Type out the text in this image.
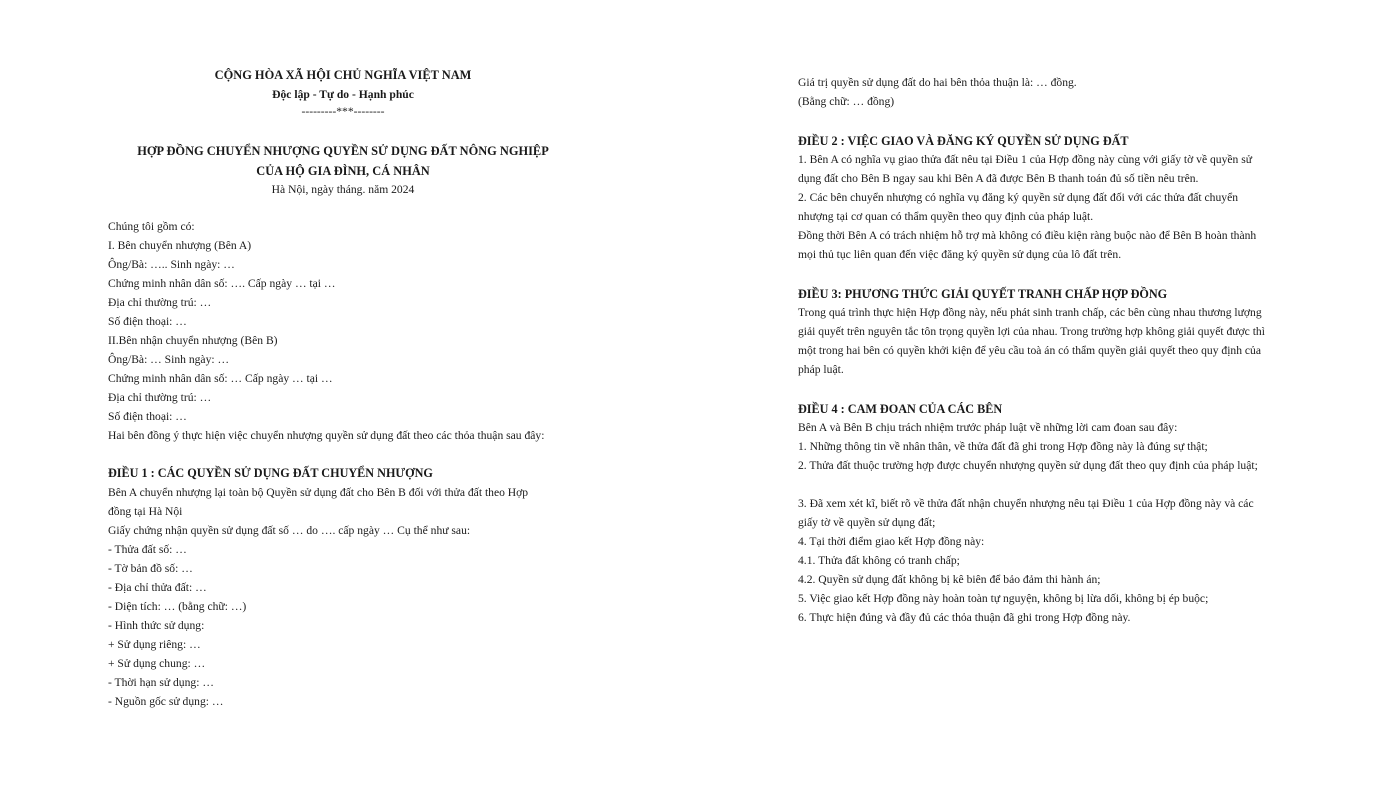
CỘNG HÒA XÃ HỘI CHỦ NGHĨA VIỆT NAM

Độc lập - Tự do - Hạnh phúc

---------***--------

HỢP ĐỒNG CHUYỂN NHƯỢNG QUYỀN SỬ DỤNG ĐẤT NÔNG NGHIỆP

CỦA HỘ GIA ĐÌNH, CÁ NHÂN

Hà Nội, ngày tháng. năm 2024

Chúng tôi gồm có:

I. Bên chuyển nhượng (Bên A)

Ông/Bà: ….. Sinh ngày: …

Chứng minh nhân dân số: …. Cấp ngày … tại …

Địa chỉ thường trú: …

Số điện thoại: …

II.Bên nhận chuyển nhượng (Bên B)

Ông/Bà: … Sinh ngày: …

Chứng minh nhân dân số: … Cấp ngày … tại …

Địa chỉ thường trú: …

Số điện thoại: …

Hai bên đồng ý thực hiện việc chuyển nhượng quyền sử dụng đất theo các thỏa thuận sau đây:

ĐIỀU 1 : CÁC QUYỀN SỬ DỤNG ĐẤT CHUYỂN NHƯỢNG

Bên A chuyển nhượng lại toàn bộ Quyền sử dụng đất cho Bên B đối với thửa đất theo Hợp

đồng tại Hà Nội

Giấy chứng nhận quyền sử dụng đất số … do …. cấp ngày … Cụ thể như sau:

- Thửa đất số: …

- Tờ bản đồ số: …

- Địa chỉ thửa đất: …

- Diện tích: … (bằng chữ: …)

- Hình thức sử dụng:

+ Sử dụng riêng: …

+ Sử dụng chung: …

- Thời hạn sử dụng: …

- Nguồn gốc sử dụng: …

Giá trị quyền sử dụng đất do hai bên thỏa thuận là: … đồng.

(Bằng chữ: … đồng)

ĐIỀU 2 : VIỆC GIAO VÀ ĐĂNG KÝ QUYỀN SỬ DỤNG ĐẤT

1. Bên A có nghĩa vụ giao thửa đất nêu tại Điều 1 của Hợp đồng này cùng với giấy tờ về quyền sử dụng đất cho Bên B ngay sau khi Bên A đã được Bên B thanh toán đủ số tiền nêu trên.

2. Các bên chuyển nhượng có nghĩa vụ đăng ký quyền sử dụng đất đối với các thửa đất chuyển nhượng tại cơ quan có thẩm quyền theo quy định của pháp luật.

Đồng thời Bên A có trách nhiệm hỗ trợ mà không có điều kiện ràng buộc nào để Bên B hoàn thành mọi thủ tục liên quan đến việc đăng ký quyền sử dụng của lô đất trên.

ĐIỀU 3: PHƯƠNG THỨC GIẢI QUYẾT TRANH CHẤP HỢP ĐỒNG

Trong quá trình thực hiện Hợp đồng này, nếu phát sinh tranh chấp, các bên cùng nhau thương lượng giải quyết trên nguyên tắc tôn trọng quyền lợi của nhau. Trong trường hợp không giải quyết được thì một trong hai bên có quyền khởi kiện để yêu cầu toà án có thẩm quyền giải quyết theo quy định của pháp luật.

ĐIỀU 4 : CAM ĐOAN CỦA CÁC BÊN

Bên A và Bên B chịu trách nhiệm trước pháp luật về những lời cam đoan sau đây:

1. Những thông tin về nhân thân, về thửa đất đã ghi trong Hợp đồng này là đúng sự thật;

2. Thửa đất thuộc trường hợp được chuyển nhượng quyền sử dụng đất theo quy định của pháp luật;

3. Đã xem xét kĩ, biết rõ về thửa đất nhận chuyển nhượng nêu tại Điều 1 của Hợp đồng này và các giấy tờ về quyền sử dụng đất;

4. Tại thời điểm giao kết Hợp đồng này:

4.1. Thửa đất không có tranh chấp;

4.2. Quyền sử dụng đất không bị kê biên để bảo đảm thi hành án;

5. Việc giao kết Hợp đồng này hoàn toàn tự nguyện, không bị lừa dối, không bị ép buộc;

6. Thực hiện đúng và đầy đủ các thỏa thuận đã ghi trong Hợp đồng này.
